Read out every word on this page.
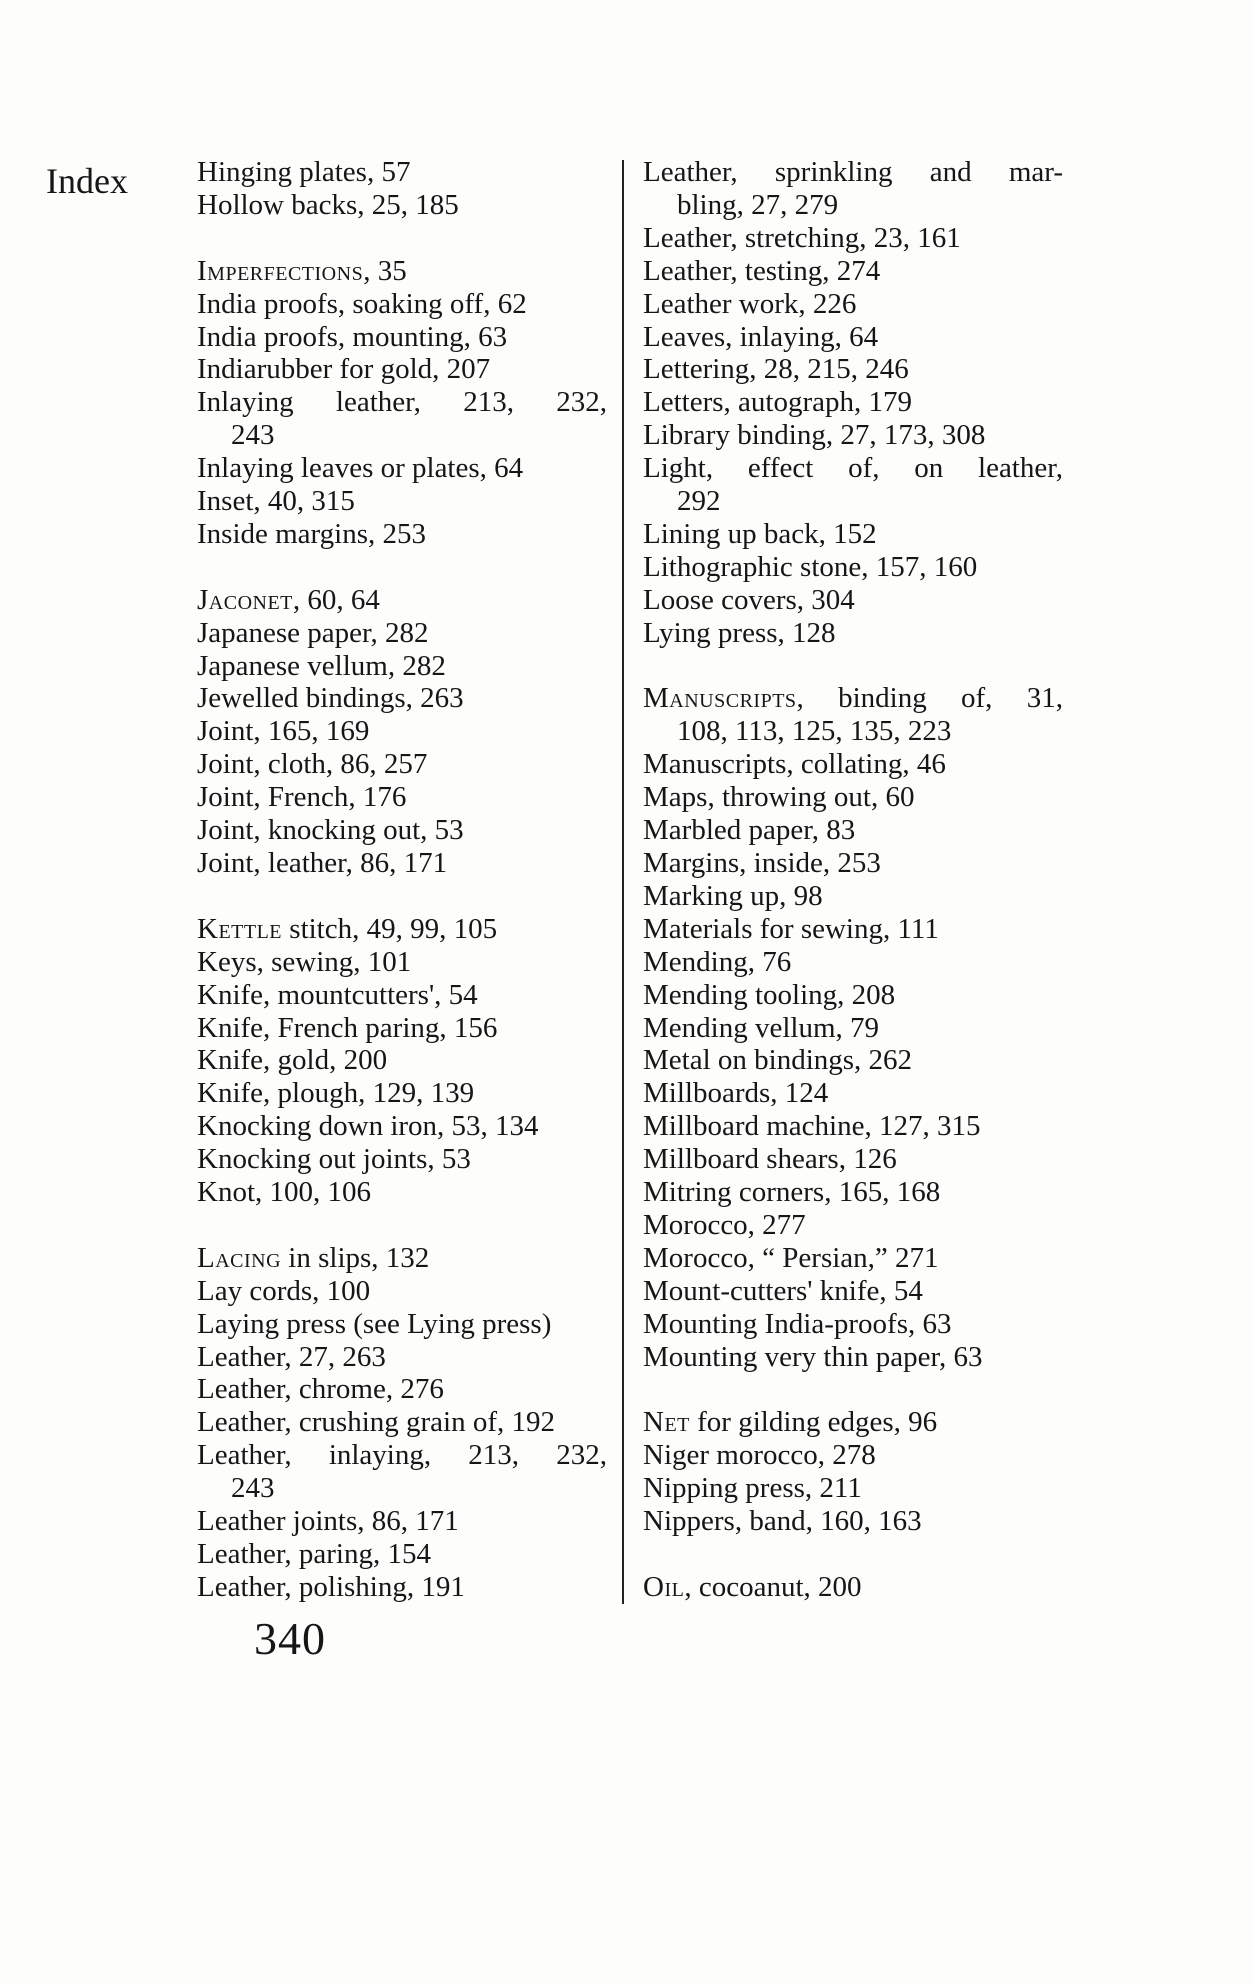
Index Hinging plates, 57
Hollow backs, 25, 185
Imperfections, 35
India proofs, soaking off, 62
India proofs, mounting, 63
Indiarubber for gold, 207
Inlaying leather, 213, 232,
243
Inlaying leaves or plates, 64
Inset, 40, 315
Inside margins, 253
Jaconet, 60, 64
Japanese paper, 282
Japanese vellum, 282
Jewelled bindings, 263
Joint, 165, 169
Joint, cloth, 86, 257
Joint, French, 176
Joint, knocking out, 53
Joint, leather, 86, 171
Kettle stitch, 49, 99, 105
Keys, sewing, 101
Knife, mountcutters', 54
Knife, French paring, 156
Knife, gold, 200
Knife, plough, 129, 139
Knocking down iron, 53, 134
Knocking out joints, 53
Knot, 100, 106
Lacing in slips, 132
Lay cords, 100
Laying press (see Lying press)
Leather, 27, 263
Leather, chrome, 276
Leather, crushing grain of, 192
Leather, inlaying, 213, 232,
243
Leather joints, 86, 171
Leather, paring, 154
Leather, polishing, 191
Leather, sprinkling and mar-
bling, 27, 279
Leather, stretching, 23, 161
Leather, testing, 274
Leather work, 226
Leaves, inlaying, 64
Lettering, 28, 215, 246
Letters, autograph, 179
Library binding, 27, 173, 308
Light, effect of, on leather,
292
Lining up back, 152
Lithographic stone, 157, 160
Loose covers, 304
Lying press, 128
Manuscripts, binding of, 31,
108, 113, 125, 135, 223
Manuscripts, collating, 46
Maps, throwing out, 60
Marbled paper, 83
Margins, inside, 253
Marking up, 98
Materials for sewing, 111
Mending, 76
Mending tooling, 208
Mending vellum, 79
Metal on bindings, 262
Millboards, 124
Millboard machine, 127, 315
Millboard shears, 126
Mitring corners, 165, 168
Morocco, 277
Morocco, “ Persian,” 271
Mount-cutters' knife, 54
Mounting India-proofs, 63
Mounting very thin paper, 63
Net for gilding edges, 96
Niger morocco, 278
Nipping press, 211
Nippers, band, 160, 163
Oil, cocoanut, 200
340
